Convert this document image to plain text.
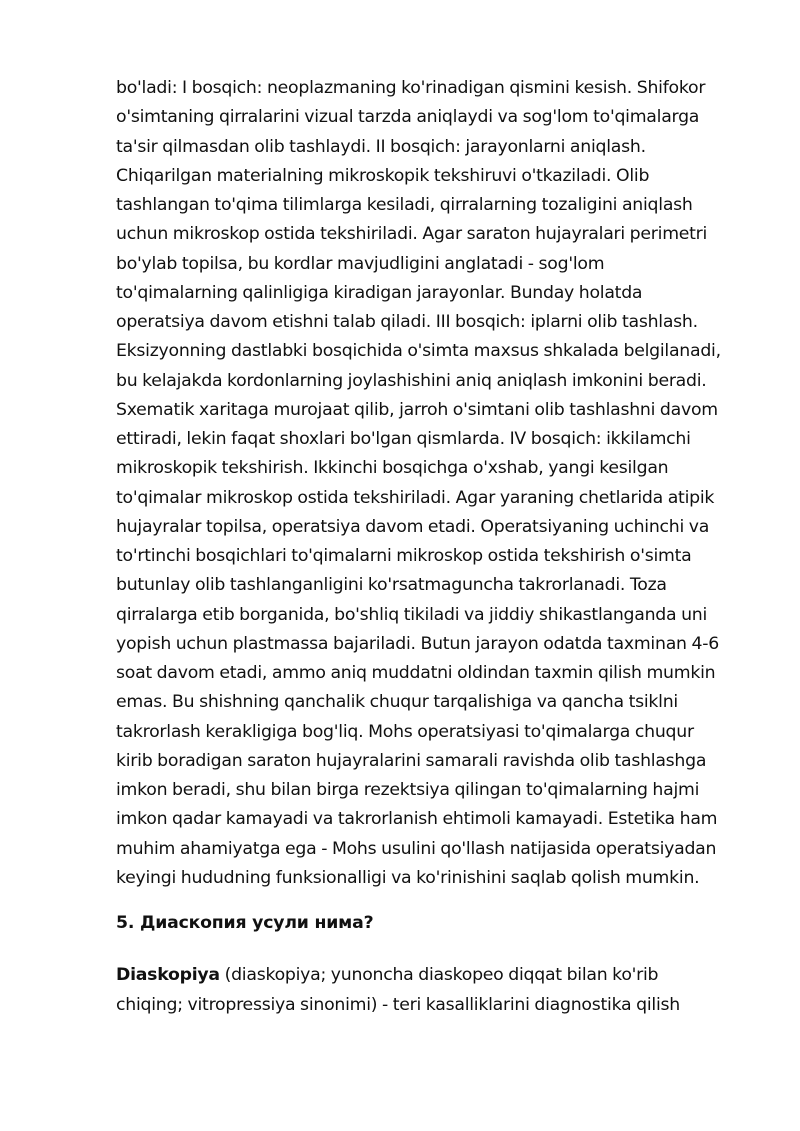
bo'ladi: I bosqich: neoplazmaning ko'rinadigan qismini kesish. Shifokor
o'simtaning qirralarini vizual tarzda aniqlaydi va sog'lom to'qimalarga
ta'sir qilmasdan olib tashlaydi. II bosqich: jarayonlarni aniqlash.
Chiqarilgan materialning mikroskopik tekshiruvi o'tkaziladi. Olib
tashlangan to'qima tilimlarga kesiladi, qirralarning tozaligini aniqlash
uchun mikroskop ostida tekshiriladi. Agar saraton hujayralari perimetri
bo'ylab topilsa, bu kordlar mavjudligini anglatadi - sog'lom
to'qimalarning qalinligiga kiradigan jarayonlar. Bunday holatda
operatsiya davom etishni talab qiladi. III bosqich: iplarni olib tashlash.
Eksizyonning dastlabki bosqichida o'simta maxsus shkalada belgilanadi,
bu kelajakda kordonlarning joylashishini aniq aniqlash imkonini beradi.
Sxematik xaritaga murojaat qilib, jarroh o'simtani olib tashlashni davom
ettiradi, lekin faqat shoxlari bo'lgan qismlarda. IV bosqich: ikkilamchi
mikroskopik tekshirish. Ikkinchi bosqichga o'xshab, yangi kesilgan
to'qimalar mikroskop ostida tekshiriladi. Agar yaraning chetlarida atipik
hujayralar topilsa, operatsiya davom etadi. Operatsiyaning uchinchi va
to'rtinchi bosqichlari to'qimalarni mikroskop ostida tekshirish o'simta
butunlay olib tashlanganligini ko'rsatmaguncha takrorlanadi. Toza
qirralarga etib borganida, bo'shliq tikiladi va jiddiy shikastlanganda uni
yopish uchun plastmassa bajariladi. Butun jarayon odatda taxminan 4-6
soat davom etadi, ammo aniq muddatni oldindan taxmin qilish mumkin
emas. Bu shishning qanchalik chuqur tarqalishiga va qancha tsiklni
takrorlash kerakligiga bog'liq. Mohs operatsiyasi to'qimalarga chuqur
kirib boradigan saraton hujayralarini samarali ravishda olib tashlashga
imkon beradi, shu bilan birga rezektsiya qilingan to'qimalarning hajmi
imkon qadar kamayadi va takrorlanish ehtimoli kamayadi. Estetika ham
muhim ahamiyatga ega - Mohs usulini qo'llash natijasida operatsiyadan
keyingi hududning funksionalligi va ko'rinishini saqlab qolish mumkin.

5. Диаскопия усули нима?

Diaskopiya (diaskopiya; yunoncha diaskopeo diqqat bilan ko'rib
chiqing; vitropressiya sinonimi) - teri kasalliklarini diagnostika qilish
